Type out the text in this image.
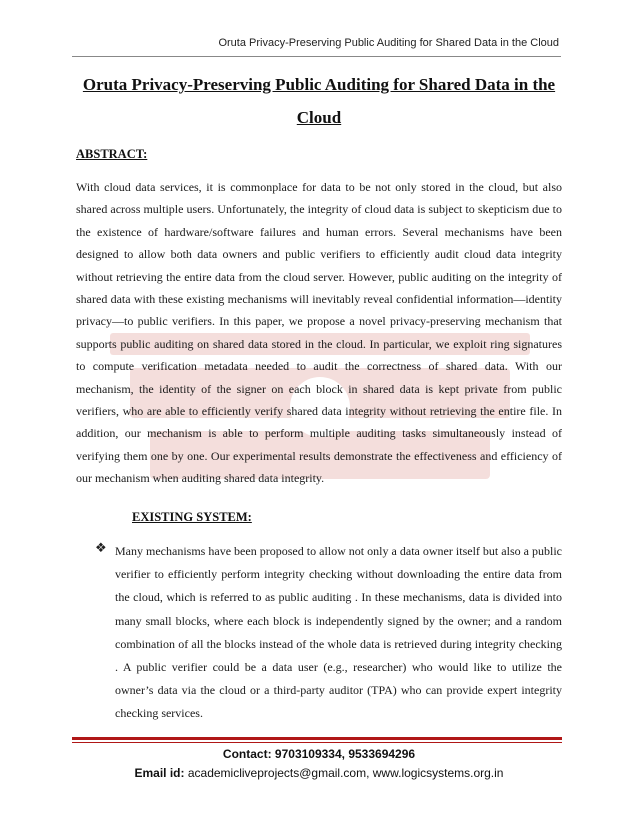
Oruta Privacy-Preserving Public Auditing for Shared Data in the Cloud
Oruta Privacy-Preserving Public Auditing for Shared Data in the Cloud
ABSTRACT:

With cloud data services, it is commonplace for data to be not only stored in the cloud, but also shared across multiple users. Unfortunately, the integrity of cloud data is subject to skepticism due to the existence of hardware/software failures and human errors. Several mechanisms have been designed to allow both data owners and public verifiers to efficiently audit cloud data integrity without retrieving the entire data from the cloud server. However, public auditing on the integrity of shared data with these existing mechanisms will inevitably reveal confidential information—identity privacy—to public verifiers. In this paper, we propose a novel privacy-preserving mechanism that supports public auditing on shared data stored in the cloud. In particular, we exploit ring signatures to compute verification metadata needed to audit the correctness of shared data. With our mechanism, the identity of the signer on each block in shared data is kept private from public verifiers, who are able to efficiently verify shared data integrity without retrieving the entire file. In addition, our mechanism is able to perform multiple auditing tasks simultaneously instead of verifying them one by one. Our experimental results demonstrate the effectiveness and efficiency of our mechanism when auditing shared data integrity.

EXISTING SYSTEM:
❖ Many mechanisms have been proposed to allow not only a data owner itself but also a public verifier to efficiently perform integrity checking without downloading the entire data from the cloud, which is referred to as public auditing . In these mechanisms, data is divided into many small blocks, where each block is independently signed by the owner; and a random combination of all the blocks instead of the whole data is retrieved during integrity checking . A public verifier could be a data user (e.g., researcher) who would like to utilize the owner’s data via the cloud or a third-party auditor (TPA) who can provide expert integrity checking services.

Contact: 9703109334, 9533694296
Email id: academicliveprojects@gmail.com, www.logicsystems.org.in
